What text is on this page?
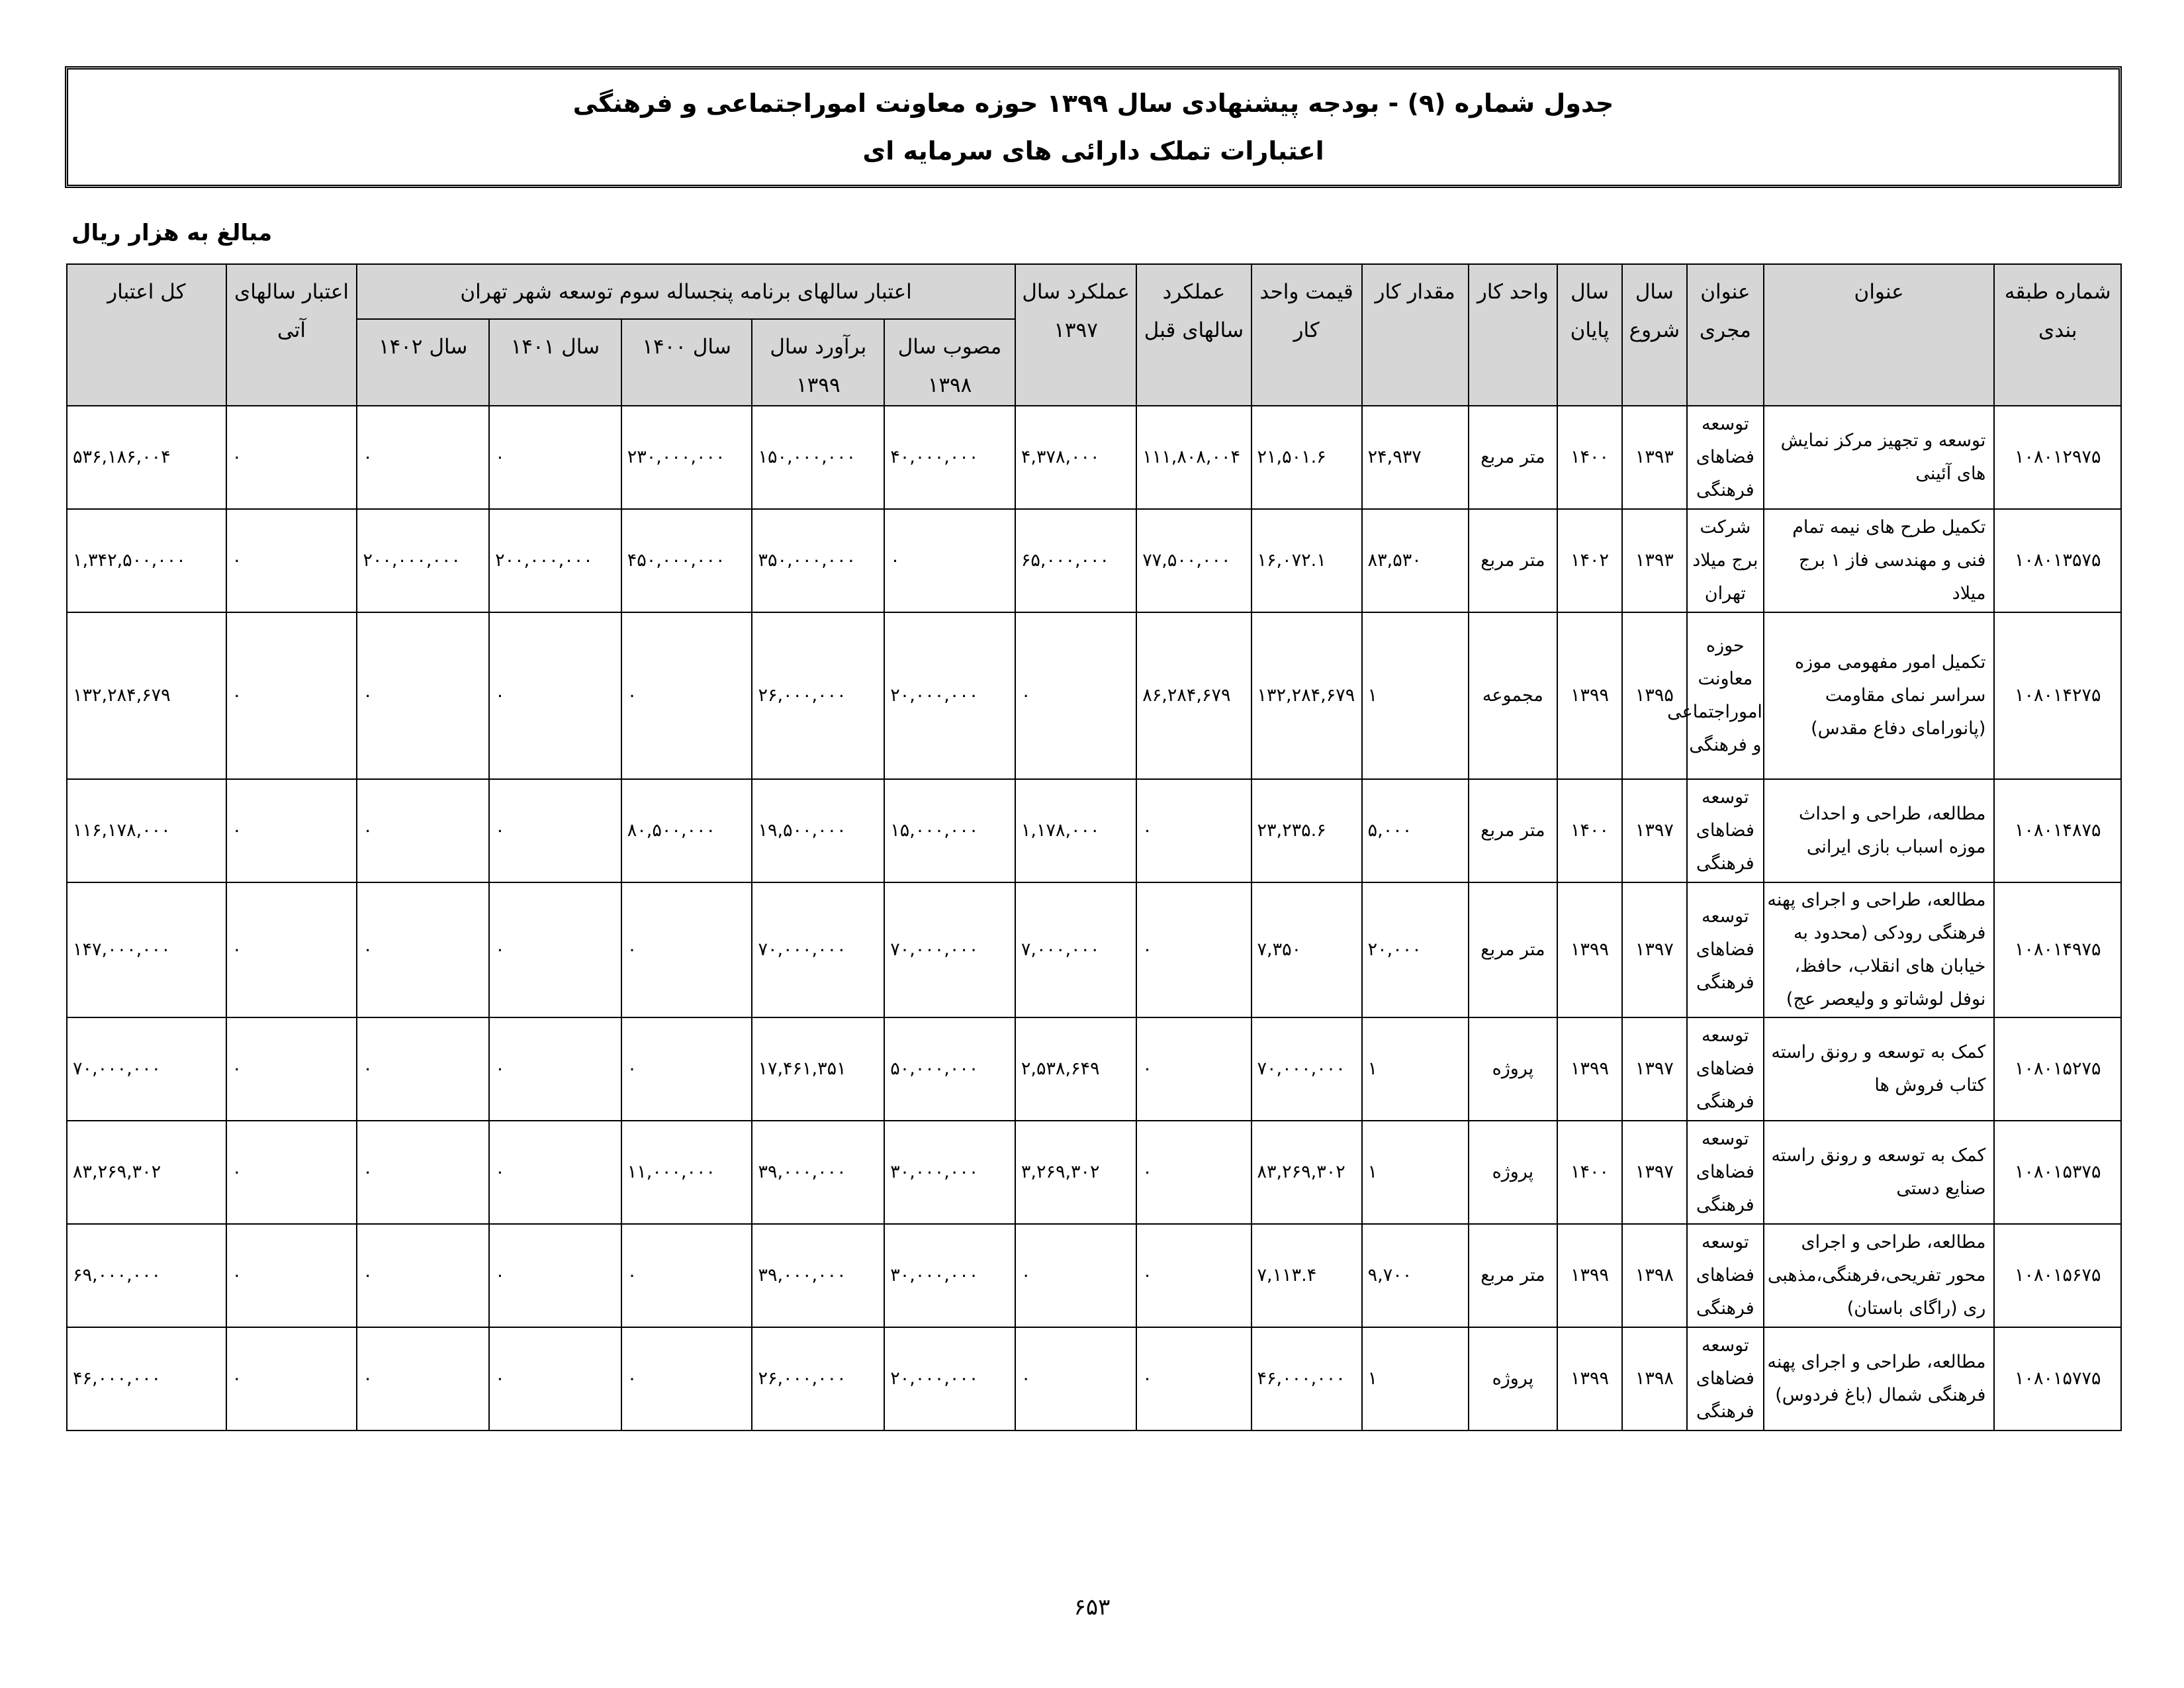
جدول شماره (۹) - بودجه پیشنهادی سال ۱۳۹۹ حوزه معاونت اموراجتماعی و فرهنگی
اعتبارات تملک دارائی های سرمایه ای
مبالغ به هزار ریال
شماره طبقه بندی	عنوان	عنوان مجری	سال شروع	سال پایان	واحد کار	مقدار کار	قیمت واحد کار	عملکرد سالهای قبل	عملکرد سال ۱۳۹۷	اعتبار سالهای برنامه پنجساله سوم توسعه شهر تهران					اعتبار سالهای آتی	کل اعتبار
										مصوب سال ۱۳۹۸	برآورد سال ۱۳۹۹	سال ۱۴۰۰	سال ۱۴۰۱	سال ۱۴۰۲		
۱۰۸۰۱۲۹۷۵	توسعه و تجهیز مرکز نمایش های آئینی	توسعه فضاهای فرهنگی	۱۳۹۳	۱۴۰۰	متر مربع	۲۴,۹۳۷	۲۱,۵۰۱.۶	۱۱۱,۸۰۸,۰۰۴	۴,۳۷۸,۰۰۰	۴۰,۰۰۰,۰۰۰	۱۵۰,۰۰۰,۰۰۰	۲۳۰,۰۰۰,۰۰۰	۰	۰	۰	۵۳۶,۱۸۶,۰۰۴
۱۰۸۰۱۳۵۷۵	تکمیل طرح های نیمه تمام فنی و مهندسی فاز ۱ برج میلاد	شرکت برج میلاد تهران	۱۳۹۳	۱۴۰۲	متر مربع	۸۳,۵۳۰	۱۶,۰۷۲.۱	۷۷,۵۰۰,۰۰۰	۶۵,۰۰۰,۰۰۰	۰	۳۵۰,۰۰۰,۰۰۰	۴۵۰,۰۰۰,۰۰۰	۲۰۰,۰۰۰,۰۰۰	۲۰۰,۰۰۰,۰۰۰	۰	۱,۳۴۲,۵۰۰,۰۰۰
۱۰۸۰۱۴۲۷۵	تکمیل امور مفهومی موزه سراسر نمای مقاومت (پانورامای دفاع مقدس)	حوزه معاونت اموراجتماعی و فرهنگی	۱۳۹۵	۱۳۹۹	مجموعه	۱	۱۳۲,۲۸۴,۶۷۹	۸۶,۲۸۴,۶۷۹	۰	۲۰,۰۰۰,۰۰۰	۲۶,۰۰۰,۰۰۰	۰	۰	۰	۰	۱۳۲,۲۸۴,۶۷۹
۱۰۸۰۱۴۸۷۵	مطالعه، طراحی و احداث موزه اسباب بازی ایرانی	توسعه فضاهای فرهنگی	۱۳۹۷	۱۴۰۰	متر مربع	۵,۰۰۰	۲۳,۲۳۵.۶	۰	۱,۱۷۸,۰۰۰	۱۵,۰۰۰,۰۰۰	۱۹,۵۰۰,۰۰۰	۸۰,۵۰۰,۰۰۰	۰	۰	۰	۱۱۶,۱۷۸,۰۰۰
۱۰۸۰۱۴۹۷۵	مطالعه، طراحی و اجرای پهنه فرهنگی رودکی (محدود به خیابان های انقلاب، حافظ، نوفل لوشاتو و ولیعصر عج)	توسعه فضاهای فرهنگی	۱۳۹۷	۱۳۹۹	متر مربع	۲۰,۰۰۰	۷,۳۵۰	۰	۷,۰۰۰,۰۰۰	۷۰,۰۰۰,۰۰۰	۷۰,۰۰۰,۰۰۰	۰	۰	۰	۰	۱۴۷,۰۰۰,۰۰۰
۱۰۸۰۱۵۲۷۵	کمک به توسعه و رونق راسته کتاب فروش ها	توسعه فضاهای فرهنگی	۱۳۹۷	۱۳۹۹	پروژه	۱	۷۰,۰۰۰,۰۰۰	۰	۲,۵۳۸,۶۴۹	۵۰,۰۰۰,۰۰۰	۱۷,۴۶۱,۳۵۱	۰	۰	۰	۰	۷۰,۰۰۰,۰۰۰
۱۰۸۰۱۵۳۷۵	کمک به توسعه و رونق راسته صنایع دستی	توسعه فضاهای فرهنگی	۱۳۹۷	۱۴۰۰	پروژه	۱	۸۳,۲۶۹,۳۰۲	۰	۳,۲۶۹,۳۰۲	۳۰,۰۰۰,۰۰۰	۳۹,۰۰۰,۰۰۰	۱۱,۰۰۰,۰۰۰	۰	۰	۰	۸۳,۲۶۹,۳۰۲
۱۰۸۰۱۵۶۷۵	مطالعه، طراحی و اجرای محور تفریحی،فرهنگی،مذهبی ری (راگای باستان)	توسعه فضاهای فرهنگی	۱۳۹۸	۱۳۹۹	متر مربع	۹,۷۰۰	۷,۱۱۳.۴	۰	۰	۳۰,۰۰۰,۰۰۰	۳۹,۰۰۰,۰۰۰	۰	۰	۰	۰	۶۹,۰۰۰,۰۰۰
۱۰۸۰۱۵۷۷۵	مطالعه، طراحی و اجرای پهنه فرهنگی شمال (باغ فردوس)	توسعه فضاهای فرهنگی	۱۳۹۸	۱۳۹۹	پروژه	۱	۴۶,۰۰۰,۰۰۰	۰	۰	۲۰,۰۰۰,۰۰۰	۲۶,۰۰۰,۰۰۰	۰	۰	۰	۰	۴۶,۰۰۰,۰۰۰
۶۵۳
